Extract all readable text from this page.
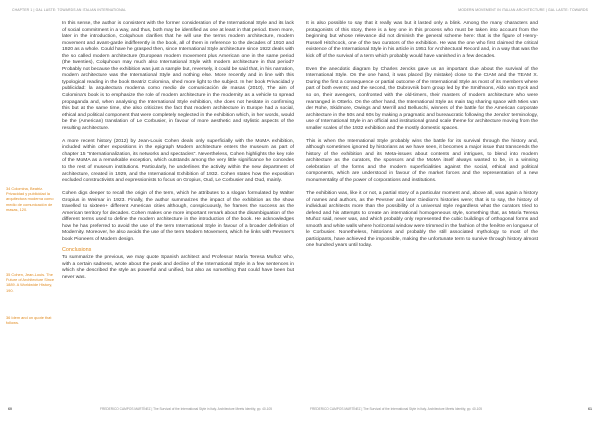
CHAPTER 1 | GAL LASTE: TOWARDS AN ITALIAN INTERNATIONAL

In this sense, the author is consistent with the former consideration of the International Style and its lack of social commitment in a way, and thus, both may be identified as one at least in that period. Even more, later in the introduction, Colquhoun clarifies that he will use the terms modern architecture, modern movement and avant-garde indifferently in the book, all of them in reference to the decades of 1910 and 1920 as a whole. Could have he grasped then, since International Style architecture since 1922 deals with the so called modern architecture (European modern movement plus American one in the same period (the twenties), Colquhoun may much also International Style with modern architecture in that period? Probably not because the exhibition was just a sample but, reversely, it could be said that, in his narration, modern architecture was the International Style and nothing else. More recently and in line with this typological reading in the book Beatriz Colomina, shed more light to the subject. In her book Privacidad y publicidad: la arquitectura moderna como medio de comunicación de masas (2010), The aim of Colomina's book is to emphasize the role of modern architecture in the modernity as a vehicle to spread propaganda and, when analysing the International Style exhibition, she does not hesitate in confirming this but at the same time, she also criticizes the fact that modern architecture in Europe had a social, ethical and political component that were completely neglected in the exhibition which, in her words, would be the (American) translation of Le Corbusier, in favour of more aesthetic and stylistic aspects of the resulting architecture.

A more recent history (2012) by Jean-Louis Cohen deals only superficially with the MoMA exhibition, included within other expositions in the epigraph Modern architecture enters the museum as part of chapter 15 "Internationalization, its networks and spectacles". Nevertheless, Cohen highlights the key role of the MoMA as a remarkable exception, which outstands among the very little significance he concedes to the rest of museum institutions. Particularly, he underlines the activity within the new department of architecture, created in 1929, and the International Exhibition of 1932. Cohen states how the exposition excluded constructivists and expressionists to focus on Gropius, Oud, Le Corbusier and Oud, mainly.

Cohen digs deeper to recall the origin of the term, which he attributes to a slogan formulated by Walter Gropius in Weimar in 1923. Finally, the author summarizes the impact of the exhibition as the show travelled to sixteen+ different American cities although, conspicuously, he frames the success as the American territory for decades. Cohen makes one more important remark about the disambiguation of the different terms used to define the modern architecture in the introduction of the book. He acknowledges how he has preferred to avoid the use of the term International Style in favour of a broader definition of Modernity. Moreover, he also avoids the use of the term Modern Movement, which he links with Pevsner's book Pioneers of Modern design.

Conclusions

To summarize the previous, we may quote Spanish architect and Professor María Teresa Muñoz who, with a certain sadness, wrote about the peak and decline of the International Style in a few sentences in which she described the style as powerful and unified, but also as something that could have been but never was.

34 Colomina, Beatriz. Privacidad y publicidad la arquitectura moderna como medio de comunicación de masas, 120.
35 Cohen, Jean-Louis. The Future of Architecture Since 1889. A Worldwide History, 190.
36 Idem and on quote that follows.
60	FREDERICO CAMPOS MARTÍNEZ | The Survival of the International Style in Italy. Architecture Meets Identity, pp. 40-105
MODERN MOVEMENT IN ITALIAN ARCHITECTURE | GAL LASTE: TOWARDS

It is also possible to say that it really was but it lasted only a blink. Among the many characters and protagonists of this story, there is a key one in this process who must be taken into account from the beginning but whose relevance did not diminish the general scheme here: that is the figure of Henry-Russell Hitchcock, one of the two curators of the exhibition. He was the one who first claimed the critical existence of the International Style in his article in 1951 for Architectural Record and, in a way that was the kick off of the survival of a term which probably would have vanished in a few decades.

Even the anecdotic diagram by Charles Jencks gave us an important clue about the survival of the International Style. On the one hand, it was placed (by mistake) close to the CIAM and the TEAM X. During the first a consequence or partial outcome of the International Style as most of its members where part of both events; and the second, the Dubrovnik born group led by the Smithsons, Aldo van Eyck and so on, their avengers, confronted with the old-timers, their masters of modern architecture who were rearranged in Otterlo. On the other hand, the International Style as main tag sharing space with Mies van der Rohe, Skidmore, Owings and Merrill and Belluschi, winners of the battle for the American corporate architecture in the 50s and 60s by making a pragmatic and bureaucratic following the Jencks' terminology, use of International Style in an official and institutional grand scale theme for architecture moving from the smaller scales of the 1932 exhibition and the mostly domestic spaces.

This is when the International Style probably wins the battle for its survival through the history and, although sometimes ignored by historians as we have seen, it becomes a major issue that transcends the history of the exhibition and its Meta-issues about contents and intrigues, to blend into modern architecture as the curators, the sponsors and the MoMA itself always wanted to be, in a winning celebration of the forms and the modern superficialities against the social, ethical and political components, which are understood in favour of the market forces and the representation of a new monumentality of the power of corporations and institutions.

The exhibition was, like it or not, a partial story of a particular moment and, above all, was again a history of names and authors, as the Pevsner and later Giedion's histories were; that is to say, the history of individual architects more than the possibility of a universal style regardless what the curators tried to defend and his attempts to create an international homogeneous style, something that, as María Teresa Muñoz said, never was, and which probably only represented the cubic buildings of orthogonal forms and smooth and white walls where horizontal window were trimmed in the fashion of the fenêtre en longueur of le Corbusier. Nonetheless, historians and probably the still associated mythology to most of the participants, have achieved the impossible, making the unfortunate term to survive through history almost one hundred years until today.

FREDERICO CAMPOS MARTÍNEZ | The Survival of the International Style in Italy. Architecture Meets Identity, pp. 40-105	61
